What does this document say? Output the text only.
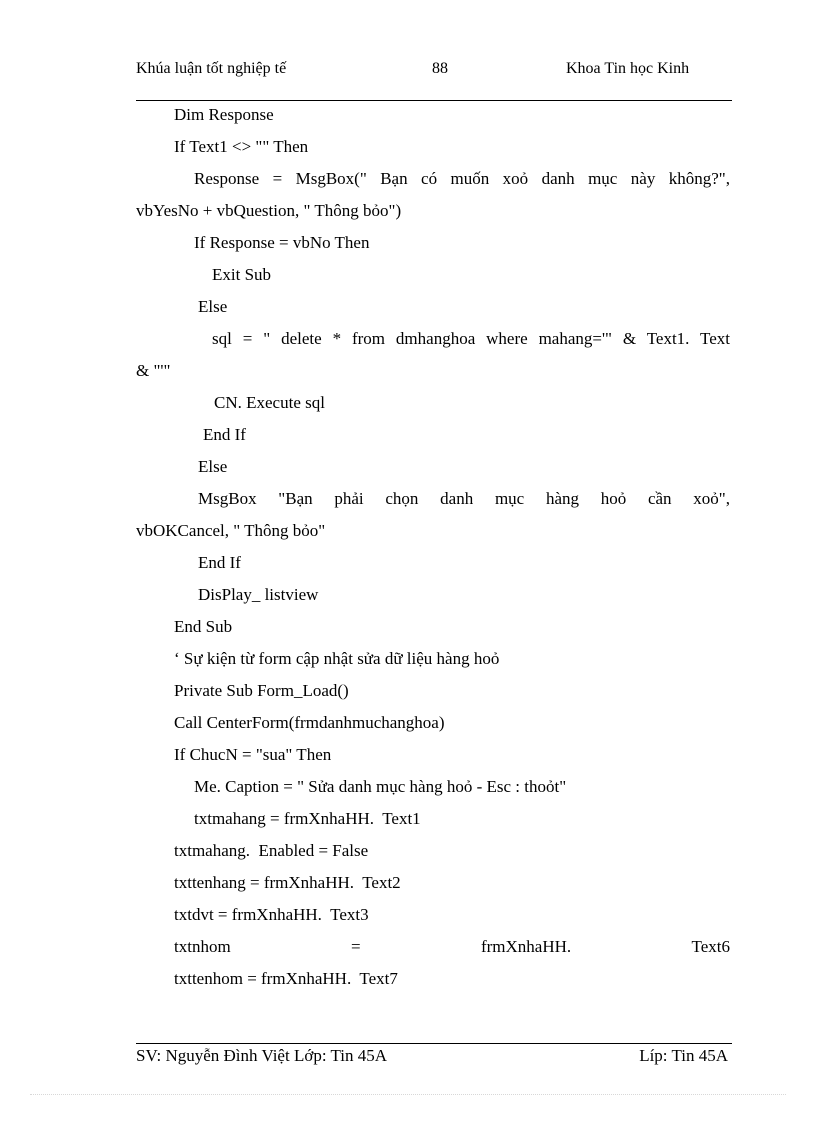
Khúa luận tốt nghiệp tế	88	Khoa Tin học Kinh
Dim Response
If Text1 <> "" Then
Response = MsgBox(" Bạn có muốn xoỏ danh mục này không?",
vbYesNo + vbQuestion, " Thông bỏo")
If Response = vbNo Then
Exit Sub
Else
sql = " delete * from dmhanghoa where mahang='" & Text1. Text
& "'"
CN. Execute sql
End If
Else
MsgBox "Bạn phải chọn danh mục hàng hoỏ cần xoỏ",
vbOKCancel, " Thông bỏo"
End If
DisPlay_ listview
End Sub
‘ Sự kiện từ form cập nhật sửa dữ liệu hàng hoỏ
Private Sub Form_Load()
Call CenterForm(frmdanhmuchanghoa)
If ChucN = "sua" Then
Me. Caption = " Sửa danh mục hàng hoỏ - Esc : thoỏt"
txtmahang = frmXnhaHH.  Text1
txtmahang.  Enabled = False
txttenhang = frmXnhaHH.  Text2
txtdvt = frmXnhaHH.  Text3
txtnhom	=	frmXnhaHH.	Text6
txttenhom = frmXnhaHH.  Text7
SV: Nguyễn Đình Việt Lớp: Tin 45A	Líp: Tin 45A
